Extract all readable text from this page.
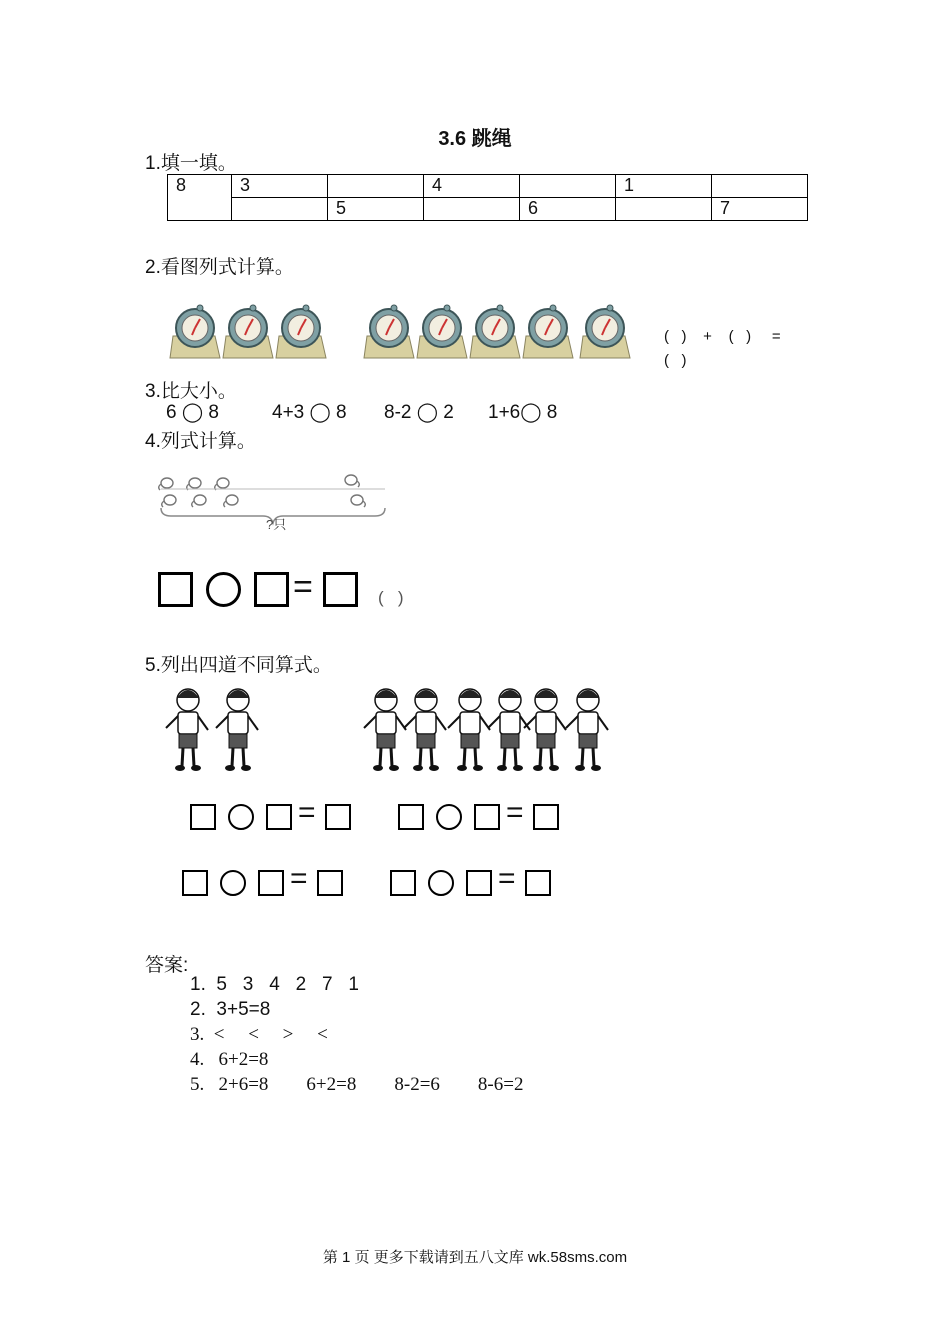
3.6 跳绳
1.填一填。
8	3		4		1	
		5		6		7
2.看图列式计算。
(   )    +    (   )     =
(   )
3.比大小。
6 ◯ 8	4+3 ◯ 8 8-2 ◯ 2 1+6◯ 8
4.列式计算。
?只
=	(   )
5.列出四道不同算式。
=	=
=	=
答案:
1.  5   3   4   2   7   1
2.  3+5=8
3.  <     <     >     <
4.   6+2=8
5.   2+6=8        6+2=8        8-2=6        8-6=2
第 1 页 更多下载请到五八文库 wk.58sms.com
